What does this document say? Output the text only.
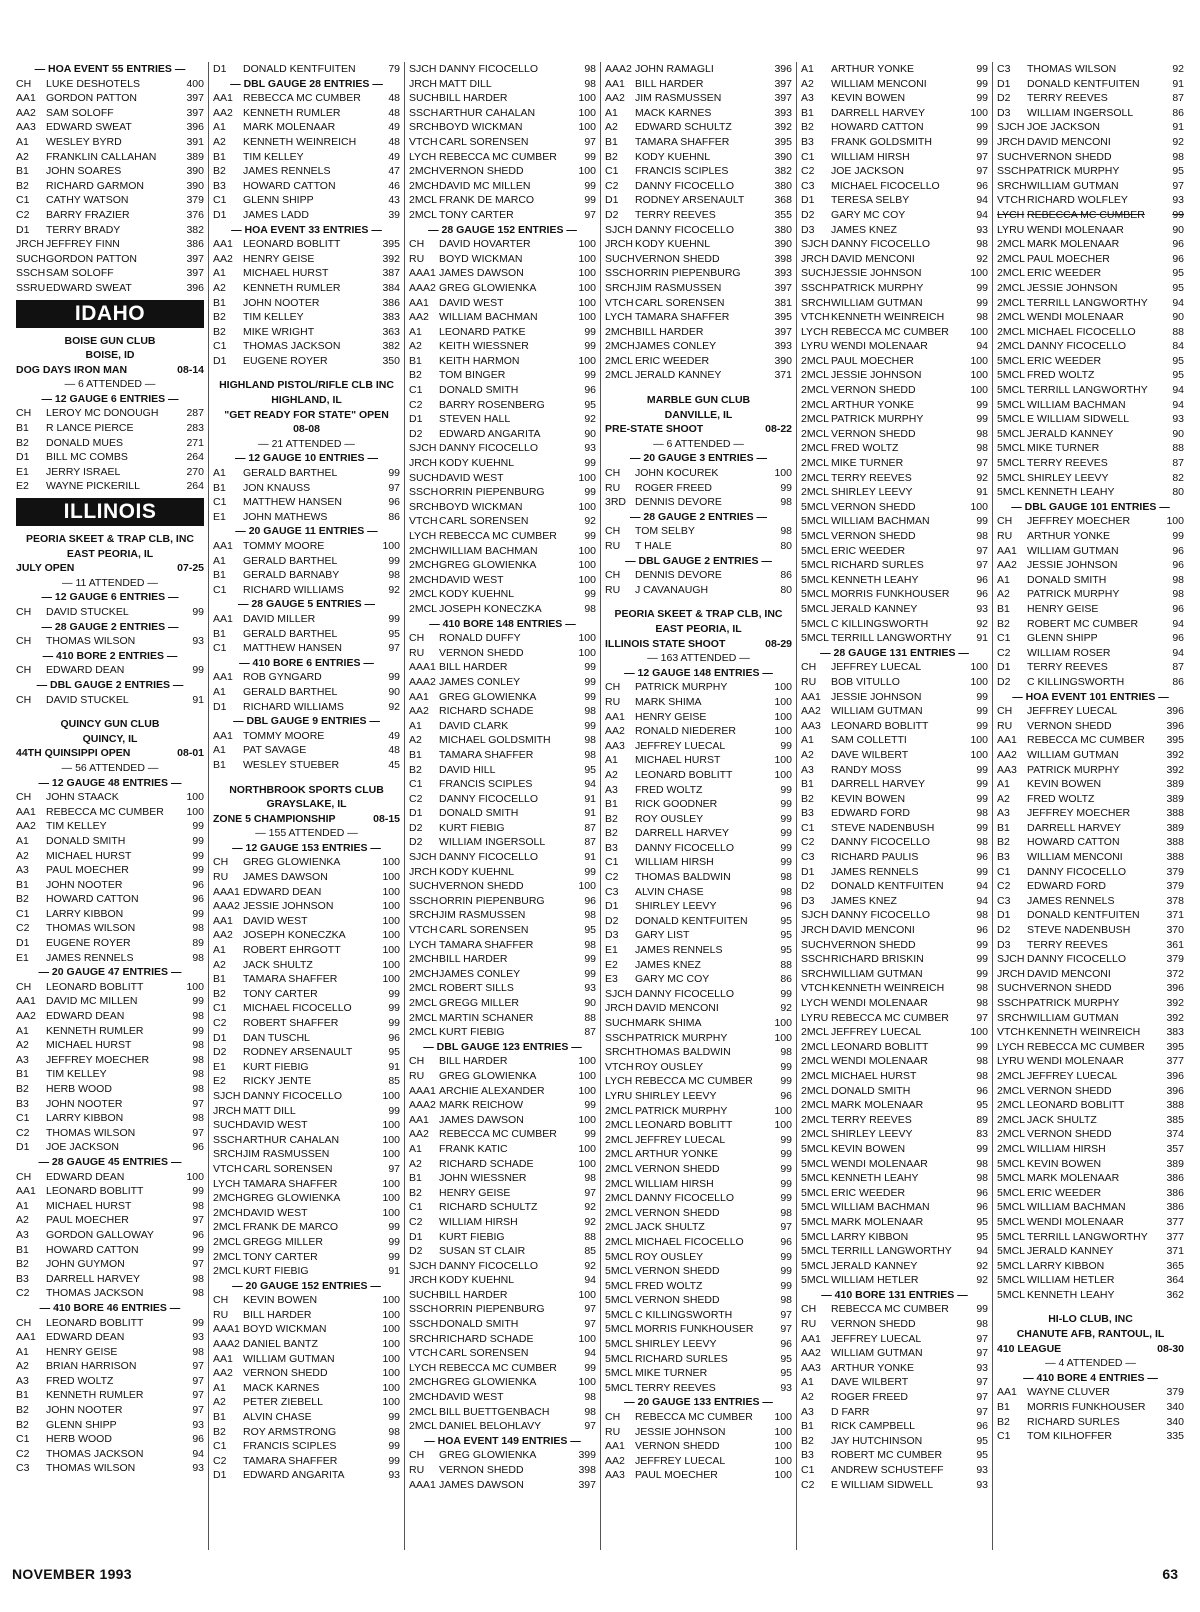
— HOA EVENT 55 ENTRIES —
CH	LUKE DESHOTELS	400
AA1 GORDON PATTON	397
AA2 SAM SOLOFF	397
AA3 EDWARD SWEAT	396
A1	WESLEY BYRD	391
A2	FRANKLIN CALLAHAN	389
B1	JOHN SOARES	390
B2	RICHARD GARMON	390
C1	CATHY WATSON	379
C2	BARRY FRAZIER	376
D1	TERRY BRADY	382
JRCH JEFFREY FINN	386
SUCH GORDON PATTON	397
SSCH SAM SOLOFF	397
SSRU EDWARD SWEAT	396
IDAHO
BOISE GUN CLUB
BOISE, ID
DOG DAYS IRON MAN	08-14
— 6 ATTENDED —
— 12 GAUGE 6 ENTRIES —
CH	LEROY MC DONOUGH	287
B1	R LANCE PIERCE	283
B2	DONALD MUES	271
D1	BILL MC COMBS	264
E1	JERRY ISRAEL	270
E2	WAYNE PICKERILL	264
ILLINOIS
PEORIA SKEET & TRAP CLB, INC
EAST PEORIA, IL
JULY OPEN	07-25
— 11 ATTENDED —
— 12 GAUGE 6 ENTRIES —
CH	DAVID STUCKEL	99
— 28 GAUGE 2 ENTRIES —
CH	THOMAS WILSON	93
— 410 BORE 2 ENTRIES —
CH	EDWARD DEAN	99
— DBL GAUGE 2 ENTRIES —
CH	DAVID STUCKEL	91
QUINCY GUN CLUB
QUINCY, IL
44TH QUINSIPPI OPEN	08-01
— 56 ATTENDED —
— 12 GAUGE 48 ENTRIES —
CH	JOHN STAACK	100
AA1 REBECCA MC CUMBER	100
AA2 TIM KELLEY	99
A1	DONALD SMITH	99
A2	MICHAEL HURST	99
A3	PAUL MOECHER	99
B1	JOHN NOOTER	96
B2	HOWARD CATTON	96
C1	LARRY KIBBON	99
C2	THOMAS WILSON	98
D1	EUGENE ROYER	89
E1	JAMES RENNELS	98
— 20 GAUGE 47 ENTRIES —
CH	LEONARD BOBLITT	100
AA1 DAVID MC MILLEN	99
AA2 EDWARD DEAN	98
A1	KENNETH RUMLER	99
A2	MICHAEL HURST	98
A3	JEFFREY MOECHER	98
B1	TIM KELLEY	98
B2	HERB WOOD	98
B3	JOHN NOOTER	97
C1	LARRY KIBBON	98
C2	THOMAS WILSON	97
D1	JOE JACKSON	96
— 28 GAUGE 45 ENTRIES —
CH	EDWARD DEAN	100
AA1 LEONARD BOBLITT	99
A1	MICHAEL HURST	98
A2	PAUL MOECHER	97
A3	GORDON GALLOWAY	96
B1	HOWARD CATTON	99
B2	JOHN GUYMON	97
B3	DARRELL HARVEY	98
C2	THOMAS JACKSON	98
— 410 BORE 46 ENTRIES —
CH	LEONARD BOBLITT	99
AA1 EDWARD DEAN	93
A1	HENRY GEISE	98
A2	BRIAN HARRISON	97
A3	FRED WOLTZ	97
B1	KENNETH RUMLER	97
B2	JOHN NOOTER	97
B2	GLENN SHIPP	93
C1	HERB WOOD	96
C2	THOMAS JACKSON	94
C3	THOMAS WILSON	93
D1	DONALD KENTFUITEN	79
— DBL GAUGE 28 ENTRIES —
AA1 REBECCA MC CUMBER	48
AA2 KENNETH RUMLER	48
A1	MARK MOLENAAR	49
A2	KENNETH WEINREICH	48
B1	TIM KELLEY	49
B2	JAMES RENNELS	47
B3	HOWARD CATTON	46
C1	GLENN SHIPP	43
D1	JAMES LADD	39
— HOA EVENT 33 ENTRIES —
AA1 LEONARD BOBLITT	395
AA2 HENRY GEISE	392
A1	MICHAEL HURST	387
A2	KENNETH RUMLER	384
B1	JOHN NOOTER	386
B2	TIM KELLEY	383
B2	MIKE WRIGHT	363
C1	THOMAS JACKSON	382
D1	EUGENE ROYER	350
HIGHLAND PISTOL/RIFLE CLB INC
HIGHLAND, IL
"GET READY FOR STATE" OPEN
08-08
— 21 ATTENDED —
— 12 GAUGE 10 ENTRIES —
A1	GERALD BARTHEL	99
B1	JON KNAUSS	97
C1	MATTHEW HANSEN	96
E1	JOHN MATHEWS	86
— 20 GAUGE 11 ENTRIES —
AA1 TOMMY MOORE	100
A1	GERALD BARTHEL	99
B1	GERALD BARNABY	98
C1	RICHARD WILLIAMS	92
— 28 GAUGE 5 ENTRIES —
AA1 DAVID MILLER	99
B1	GERALD BARTHEL	95
C1	MATTHEW HANSEN	97
— 410 BORE 6 ENTRIES —
AA1 ROB GYNGARD	99
A1	GERALD BARTHEL	90
D1	RICHARD WILLIAMS	92
— DBL GAUGE 9 ENTRIES —
AA1 TOMMY MOORE	49
A1	PAT SAVAGE	48
B1	WESLEY STUEBER	45
NORTHBROOK SPORTS CLUB
GRAYSLAKE, IL
ZONE 5 CHAMPIONSHIP	08-15
— 155 ATTENDED —
— 12 GAUGE 153 ENTRIES —
CH	GREG GLOWIENKA	100
RU	JAMES DAWSON	100
AAA1 EDWARD DEAN	100
AAA2 JESSIE JOHNSON	100
AA1 DAVID WEST	100
AA2 JOSEPH KONECZKA	100
A1	ROBERT EHRGOTT	100
A2	JACK SHULTZ	100
B1	TAMARA SHAFFER	100
B2	TONY CARTER	99
C1	MICHAEL FICOCELLO	99
C2	ROBERT SHAFFER	99
D1	DAN TUSCHL	96
D2	RODNEY ARSENAULT	95
E1	KURT FIEBIG	91
E2	RICKY JENTE	85
SJCH DANNY FICOCELLO	100
JRCH MATT DILL	99
SUCH DAVID WEST	100
SSCH ARTHUR CAHALAN	100
SRCH JIM RASMUSSEN	100
VTCH CARL SORENSEN	97
LYCH TAMARA SHAFFER	100
2MCH GREG GLOWIENKA	100
2MCH DAVID WEST	100
2MCL FRANK DE MARCO	99
2MCL GREGG MILLER	99
2MCL TONY CARTER	99
2MCL KURT FIEBIG	91
— 20 GAUGE 152 ENTRIES —
CH	KEVIN BOWEN	100
RU	BILL HARDER	100
AAA1 BOYD WICKMAN	100
AAA2 DANIEL BANTZ	100
AA1 WILLIAM GUTMAN	100
AA2 VERNON SHEDD	100
A1	MACK KARNES	100
A2	PETER ZIEBELL	100
B1	ALVIN CHASE	99
B2	ROY ARMSTRONG	98
C1	FRANCIS SCIPLES	99
C2	TAMARA SHAFFER	99
D1	EDWARD ANGARITA	93
SJCH DANNY FICOCELLO	98
JRCH MATT DILL	98
SUCH BILL HARDER	100
SSCH ARTHUR CAHALAN	100
SRCH BOYD WICKMAN	100
VTCH CARL SORENSEN	97
LYCH REBECCA MC CUMBER	99
2MCH VERNON SHEDD	100
2MCH DAVID MC MILLEN	99
2MCL FRANK DE MARCO	99
2MCL TONY CARTER	97
— 28 GAUGE 152 ENTRIES —
CH	DAVID HOVARTER	100
RU	BOYD WICKMAN	100
AAA1 JAMES DAWSON	100
AAA2 GREG GLOWIENKA	100
AA1 DAVID WEST	100
AA2 WILLIAM BACHMAN	100
A1	LEONARD PATKE	99
A2	KEITH WIESSNER	99
B1	KEITH HARMON	100
B2	TOM BINGER	99
C1	DONALD SMITH	96
C2	BARRY ROSENBERG	95
D1	STEVEN HALL	92
D2	EDWARD ANGARITA	90
SJCH DANNY FICOCELLO	93
JRCH KODY KUEHNL	99
SUCH DAVID WEST	100
SSCH ORRIN PIEPENBURG	99
SRCH BOYD WICKMAN	100
VTCH CARL SORENSEN	92
LYCH REBECCA MC CUMBER	99
2MCH WILLIAM BACHMAN	100
2MCH GREG GLOWIENKA	100
2MCH DAVID WEST	100
2MCL KODY KUEHNL	99
2MCL JOSEPH KONECZKA	98
— 410 BORE 148 ENTRIES —
CH	RONALD DUFFY	100
RU	VERNON SHEDD	100
AAA1 BILL HARDER	99
AAA2 JAMES CONLEY	99
AA1 GREG GLOWIENKA	99
AA2 RICHARD SCHADE	98
A1	DAVID CLARK	99
A2	MICHAEL GOLDSMITH	98
B1	TAMARA SHAFFER	98
B2	DAVID HILL	95
C1	FRANCIS SCIPLES	94
C2	DANNY FICOCELLO	91
D1	DONALD SMITH	91
D2	KURT FIEBIG	87
D2	WILLIAM INGERSOLL	87
SJCH DANNY FICOCELLO	91
JRCH KODY KUEHNL	99
SUCH VERNON SHEDD	100
SSCH ORRIN PIEPENBURG	96
SRCH JIM RASMUSSEN	98
VTCH CARL SORENSEN	95
LYCH TAMARA SHAFFER	98
2MCH BILL HARDER	99
2MCH JAMES CONLEY	99
2MCL ROBERT SILLS	93
2MCL GREGG MILLER	90
2MCL MARTIN SCHANER	88
2MCL KURT FIEBIG	87
— DBL GAUGE 123 ENTRIES —
CH	BILL HARDER	100
RU	GREG GLOWIENKA	100
AAA1 ARCHIE ALEXANDER	100
AAA2 MARK REICHOW	99
AA1 JAMES DAWSON	100
AA2 REBECCA MC CUMBER	99
A1	FRANK KATIC	100
A2	RICHARD SCHADE	100
B1	JOHN WIESSNER	98
B2	HENRY GEISE	97
C1	RICHARD SCHULTZ	92
C2	WILLIAM HIRSH	92
D1	KURT FIEBIG	88
D2	SUSAN ST CLAIR	85
SJCH DANNY FICOCELLO	92
JRCH KODY KUEHNL	94
SUCH BILL HARDER	100
SSCH ORRIN PIEPENBURG	97
SSCH DONALD SMITH	97
SRCH RICHARD SCHADE	100
VTCH CARL SORENSEN	94
LYCH REBECCA MC CUMBER	99
2MCH GREG GLOWIENKA	100
2MCH DAVID WEST	98
2MCL BILL BUETTGENBACH	98
2MCL DANIEL BELOHLAVY	97
— HOA EVENT 149 ENTRIES —
CH	GREG GLOWIENKA	399
RU	VERNON SHEDD	398
AAA1 JAMES DAWSON	397
AAA2 JOHN RAMAGLI	396
AA1 BILL HARDER	397
AA2 JIM RASMUSSEN	397
A1	MACK KARNES	393
A2	EDWARD SCHULTZ	392
B1	TAMARA SHAFFER	395
B2	KODY KUEHNL	390
C1	FRANCIS SCIPLES	382
C2	DANNY FICOCELLO	380
D1	RODNEY ARSENAULT	368
D2	TERRY REEVES	355
SJCH DANNY FICOCELLO	380
JRCH KODY KUEHNL	390
SUCH VERNON SHEDD	398
SSCH ORRIN PIEPENBURG	393
SRCH JIM RASMUSSEN	397
VTCH CARL SORENSEN	381
LYCH TAMARA SHAFFER	395
2MCH BILL HARDER	397
2MCH JAMES CONLEY	393
2MCL ERIC WEEDER	390
2MCL JERALD KANNEY	371
MARBLE GUN CLUB
DANVILLE, IL
PRE-STATE SHOOT	08-22
— 6 ATTENDED —
— 20 GAUGE 3 ENTRIES —
CH	JOHN KOCUREK	100
RU	ROGER FREED	99
3RD DENNIS DEVORE	98
— 28 GAUGE 2 ENTRIES —
CH	TOM SELBY	98
RU	T HALE	80
— DBL GAUGE 2 ENTRIES —
CH	DENNIS DEVORE	86
RU	J CAVANAUGH	80
PEORIA SKEET & TRAP CLB, INC
EAST PEORIA, IL
ILLINOIS STATE SHOOT	08-29
— 163 ATTENDED —
— 12 GAUGE 148 ENTRIES —
CH	PATRICK MURPHY	100
RU	MARK SHIMA	100
AA1 HENRY GEISE	100
AA2 RONALD NIEDERER	100
AA3 JEFFREY LUECAL	99
A1	MICHAEL HURST	100
A2	LEONARD BOBLITT	100
A3	FRED WOLTZ	99
B1	RICK GOODNER	99
B2	ROY OUSLEY	99
B2	DARRELL HARVEY	99
B3	DANNY FICOCELLO	99
C1	WILLIAM HIRSH	99
C2	THOMAS BALDWIN	98
C3	ALVIN CHASE	98
D1	SHIRLEY LEEVY	96
D2	DONALD KENTFUITEN	95
D3	GARY LIST	95
E1	JAMES RENNELS	95
E2	JAMES KNEZ	88
E3	GARY MC COY	86
SJCH DANNY FICOCELLO	99
JRCH DAVID MENCONI	92
SUCH MARK SHIMA	100
SSCH PATRICK MURPHY	100
SRCH THOMAS BALDWIN	98
VTCH ROY OUSLEY	99
LYCH REBECCA MC CUMBER	99
LYRU SHIRLEY LEEVY	96
2MCL PATRICK MURPHY	100
2MCL LEONARD BOBLITT	100
2MCL JEFFREY LUECAL	99
2MCL ARTHUR YONKE	99
2MCL VERNON SHEDD	99
2MCL WILLIAM HIRSH	99
2MCL DANNY FICOCELLO	99
2MCL VERNON SHEDD	98
2MCL JACK SHULTZ	97
2MCL MICHAEL FICOCELLO	96
5MCL ROY OUSLEY	99
5MCL VERNON SHEDD	99
5MCL FRED WOLTZ	99
5MCL VERNON SHEDD	98
5MCL C KILLINGSWORTH	97
5MCL MORRIS FUNKHOUSER	97
5MCL SHIRLEY LEEVY	96
5MCL RICHARD SURLES	95
5MCL MIKE TURNER	95
5MCL TERRY REEVES	93
— 20 GAUGE 133 ENTRIES —
CH	REBECCA MC CUMBER	100
RU	JESSIE JOHNSON	100
AA1 VERNON SHEDD	100
AA2 JEFFREY LUECAL	100
AA3 PAUL MOECHER	100
A1	ARTHUR YONKE	99
A2	WILLIAM MENCONI	99
A3	KEVIN BOWEN	99
B1	DARRELL HARVEY	100
B2	HOWARD CATTON	99
B3	FRANK GOLDSMITH	99
C1	WILLIAM HIRSH	97
C2	JOE JACKSON	97
C3	MICHAEL FICOCELLO	96
D1	TERESA SELBY	94
D2	GARY MC COY	94
D3	JAMES KNEZ	93
SJCH DANNY FICOCELLO	98
JRCH DAVID MENCONI	92
SUCH JESSIE JOHNSON	100
SSCH PATRICK MURPHY	99
SRCH WILLIAM GUTMAN	99
VTCH KENNETH WEINREICH	98
LYCH REBECCA MC CUMBER	100
LYRU WENDI MOLENAAR	94
2MCL PAUL MOECHER	100
2MCL JESSIE JOHNSON	100
2MCL VERNON SHEDD	100
2MCL ARTHUR YONKE	99
2MCL PATRICK MURPHY	99
2MCL VERNON SHEDD	98
2MCL FRED WOLTZ	98
2MCL MIKE TURNER	97
2MCL TERRY REEVES	92
2MCL SHIRLEY LEEVY	91
5MCL VERNON SHEDD	100
5MCL WILLIAM BACHMAN	99
5MCL VERNON SHEDD	98
5MCL ERIC WEEDER	97
5MCL RICHARD SURLES	97
5MCL KENNETH LEAHY	96
5MCL MORRIS FUNKHOUSER	96
5MCL JERALD KANNEY	93
5MCL C KILLINGSWORTH	92
5MCL TERRILL LANGWORTHY	91
— 28 GAUGE 131 ENTRIES —
CH	JEFFREY LUECAL	100
RU	BOB VITULLO	100
AA1 JESSIE JOHNSON	99
AA2 WILLIAM GUTMAN	99
AA3 LEONARD BOBLITT	99
A1	SAM COLLETTI	100
A2	DAVE WILBERT	100
A3	RANDY MOSS	99
B1	DARRELL HARVEY	99
B2	KEVIN BOWEN	99
B3	EDWARD FORD	98
C1	STEVE NADENBUSH	99
C2	DANNY FICOCELLO	98
C3	RICHARD PAULIS	96
D1	JAMES RENNELS	99
D2	DONALD KENTFUITEN	94
D3	JAMES KNEZ	94
SJCH DANNY FICOCELLO	98
JRCH DAVID MENCONI	96
SUCH VERNON SHEDD	99
SSCH RICHARD BRISKIN	99
SRCH WILLIAM GUTMAN	99
VTCH KENNETH WEINREICH	98
LYCH WENDI MOLENAAR	98
LYRU REBECCA MC CUMBER	97
2MCL JEFFREY LUECAL	100
2MCL LEONARD BOBLITT	99
2MCL WENDI MOLENAAR	98
2MCL MICHAEL HURST	98
2MCL DONALD SMITH	96
2MCL MARK MOLENAAR	95
2MCL TERRY REEVES	89
2MCL SHIRLEY LEEVY	83
5MCL KEVIN BOWEN	99
5MCL WENDI MOLENAAR	98
5MCL KENNETH LEAHY	98
5MCL ERIC WEEDER	96
5MCL WILLIAM BACHMAN	96
5MCL MARK MOLENAAR	95
5MCL LARRY KIBBON	95
5MCL TERRILL LANGWORTHY	94
5MCL JERALD KANNEY	92
5MCL WILLIAM HETLER	92
— 410 BORE 131 ENTRIES —
CH	REBECCA MC CUMBER	99
RU	VERNON SHEDD	98
AA1 JEFFREY LUECAL	97
AA2 WILLIAM GUTMAN	97
AA3 ARTHUR YONKE	93
A1	DAVE WILBERT	97
A2	ROGER FREED	97
A3	D FARR	97
B1	RICK CAMPBELL	96
B2	JAY HUTCHINSON	95
B3	ROBERT MC CUMBER	95
C1	ANDREW SCHUSTEFF	93
C2	E WILLIAM SIDWELL	93
C3	THOMAS WILSON	92
D1	DONALD KENTFUITEN	91
D2	TERRY REEVES	87
D3	WILLIAM INGERSOLL	86
SJCH JOE JACKSON	91
JRCH DAVID MENCONI	92
SUCH VERNON SHEDD	98
SSCH PATRICK MURPHY	95
SRCH WILLIAM GUTMAN	97
VTCH RICHARD WOLFLEY	93
LYCH REBECCA MC CUMBER	99
LYRU WENDI MOLENAAR	90
2MCL MARK MOLENAAR	96
2MCL PAUL MOECHER	96
2MCL ERIC WEEDER	95
2MCL JESSIE JOHNSON	95
2MCL TERRILL LANGWORTHY	94
2MCL WENDI MOLENAAR	90
2MCL MICHAEL FICOCELLO	88
2MCL DANNY FICOCELLO	84
5MCL ERIC WEEDER	95
5MCL FRED WOLTZ	95
5MCL TERRILL LANGWORTHY	94
5MCL WILLIAM BACHMAN	94
5MCL E WILLIAM SIDWELL	93
5MCL JERALD KANNEY	90
5MCL MIKE TURNER	88
5MCL TERRY REEVES	87
5MCL SHIRLEY LEEVY	82
5MCL KENNETH LEAHY	80
— DBL GAUGE 101 ENTRIES —
CH	JEFFREY MOECHER	100
RU	ARTHUR YONKE	99
AA1 WILLIAM GUTMAN	96
AA2 JESSIE JOHNSON	96
A1	DONALD SMITH	98
A2	PATRICK MURPHY	98
B1	HENRY GEISE	96
B2	ROBERT MC CUMBER	94
C1	GLENN SHIPP	96
C2	WILLIAM ROSER	94
D1	TERRY REEVES	87
D2	C KILLINGSWORTH	86
— HOA EVENT 101 ENTRIES —
CH	JEFFREY LUECAL	396
RU	VERNON SHEDD	396
AA1 REBECCA MC CUMBER	395
AA2 WILLIAM GUTMAN	392
AA3 PATRICK MURPHY	392
A1	KEVIN BOWEN	389
A2	FRED WOLTZ	389
A3	JEFFREY MOECHER	388
B1	DARRELL HARVEY	389
B2	HOWARD CATTON	388
B3	WILLIAM MENCONI	388
C1	DANNY FICOCELLO	379
C2	EDWARD FORD	379
C3	JAMES RENNELS	378
D1	DONALD KENTFUITEN	371
D2	STEVE NADENBUSH	370
D3	TERRY REEVES	361
SJCH DANNY FICOCELLO	379
JRCH DAVID MENCONI	372
SUCH VERNON SHEDD	396
SSCH PATRICK MURPHY	392
SRCH WILLIAM GUTMAN	392
VTCH KENNETH WEINREICH	383
LYCH REBECCA MC CUMBER	395
LYRU WENDI MOLENAAR	377
2MCL JEFFREY LUECAL	396
2MCL VERNON SHEDD	396
2MCL LEONARD BOBLITT	388
2MCL JACK SHULTZ	385
2MCL VERNON SHEDD	374
2MCL WILLIAM HIRSH	357
5MCL KEVIN BOWEN	389
5MCL MARK MOLENAAR	386
5MCL ERIC WEEDER	386
5MCL WILLIAM BACHMAN	386
5MCL WENDI MOLENAAR	377
5MCL TERRILL LANGWORTHY	377
5MCL JERALD KANNEY	371
5MCL LARRY KIBBON	365
5MCL WILLIAM HETLER	364
5MCL KENNETH LEAHY	362
HI-LO CLUB, INC
CHANUTE AFB, RANTOUL, IL
410 LEAGUE	08-30
— 4 ATTENDED —
— 410 BORE 4 ENTRIES —
AA1 WAYNE CLUVER	379
B1	MORRIS FUNKHOUSER	340
B2	RICHARD SURLES	340
C1	TOM KILHOFFER	335
NOVEMBER 1993	63
